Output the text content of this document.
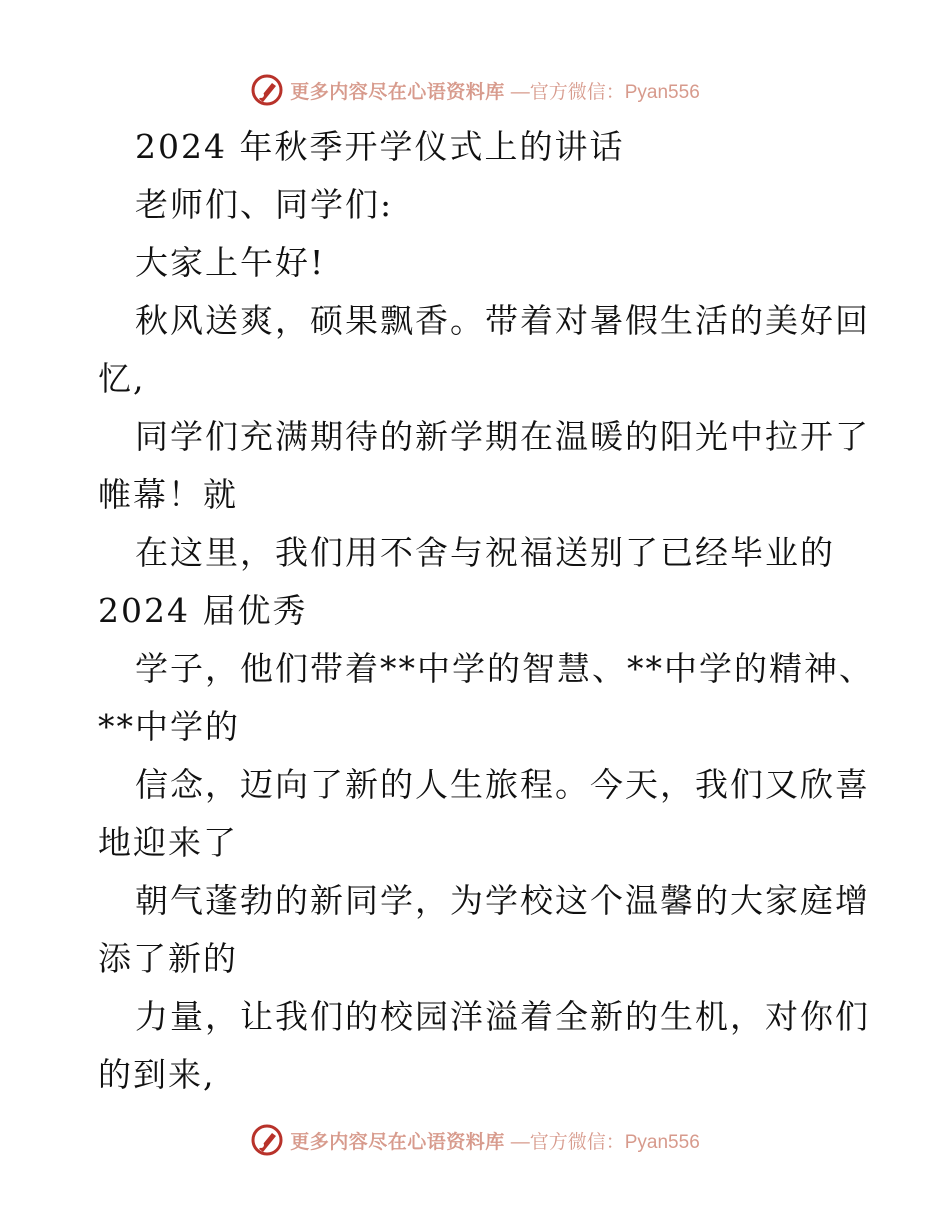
更多内容尽在心语资料库 —官方微信：Pyan556
2024 年秋季开学仪式上的讲话
老师们、同学们:
大家上午好!
秋风送爽，硕果飘香。带着对暑假生活的美好回
忆,
同学们充满期待的新学期在温暖的阳光中拉开了
帷幕！就
在这里，我们用不舍与祝福送别了已经毕业的
2024 届优秀
学子，他们带着**中学的智慧、**中学的精神、
**中学的
信念，迈向了新的人生旅程。今天，我们又欣喜
地迎来了
朝气蓬勃的新同学，为学校这个温馨的大家庭增
添了新的
力量，让我们的校园洋溢着全新的生机，对你们
的到来,
更多内容尽在心语资料库 —官方微信：Pyan556
